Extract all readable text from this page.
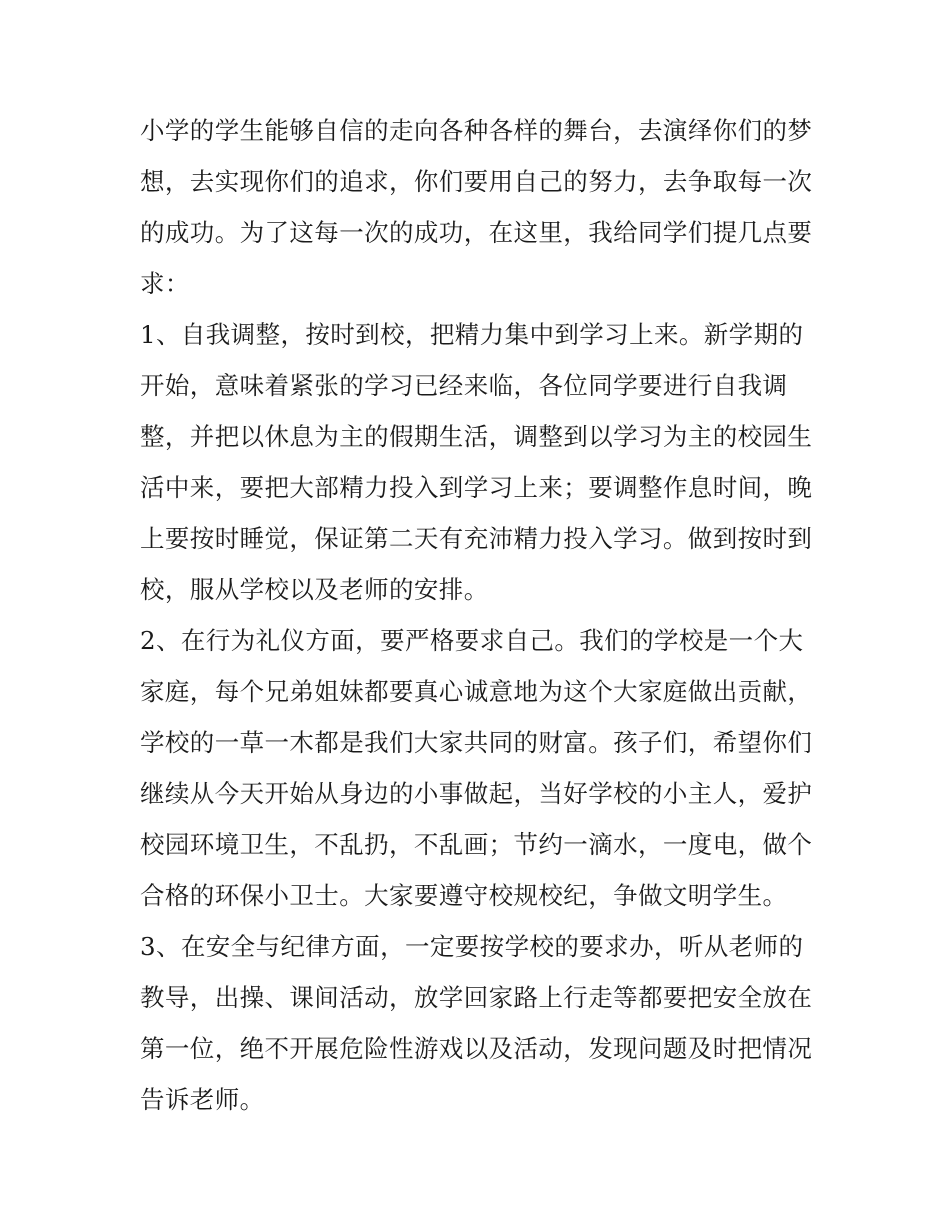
小学的学生能够自信的走向各种各样的舞台，去演绎你们的梦
想，去实现你们的追求，你们要用自己的努力，去争取每一次
的成功。为了这每一次的成功，在这里，我给同学们提几点要
求：
1、自我调整，按时到校，把精力集中到学习上来。新学期的
开始，意味着紧张的学习已经来临，各位同学要进行自我调
整，并把以休息为主的假期生活，调整到以学习为主的校园生
活中来，要把大部精力投入到学习上来；要调整作息时间，晚
上要按时睡觉，保证第二天有充沛精力投入学习。做到按时到
校，服从学校以及老师的安排。
2、在行为礼仪方面，要严格要求自己。我们的学校是一个大
家庭，每个兄弟姐妹都要真心诚意地为这个大家庭做出贡献，
学校的一草一木都是我们大家共同的财富。孩子们，希望你们
继续从今天开始从身边的小事做起，当好学校的小主人，爱护
校园环境卫生，不乱扔，不乱画；节约一滴水，一度电，做个
合格的环保小卫士。大家要遵守校规校纪，争做文明学生。
3、在安全与纪律方面，一定要按学校的要求办，听从老师的
教导，出操、课间活动，放学回家路上行走等都要把安全放在
第一位，绝不开展危险性游戏以及活动，发现问题及时把情况
告诉老师。
